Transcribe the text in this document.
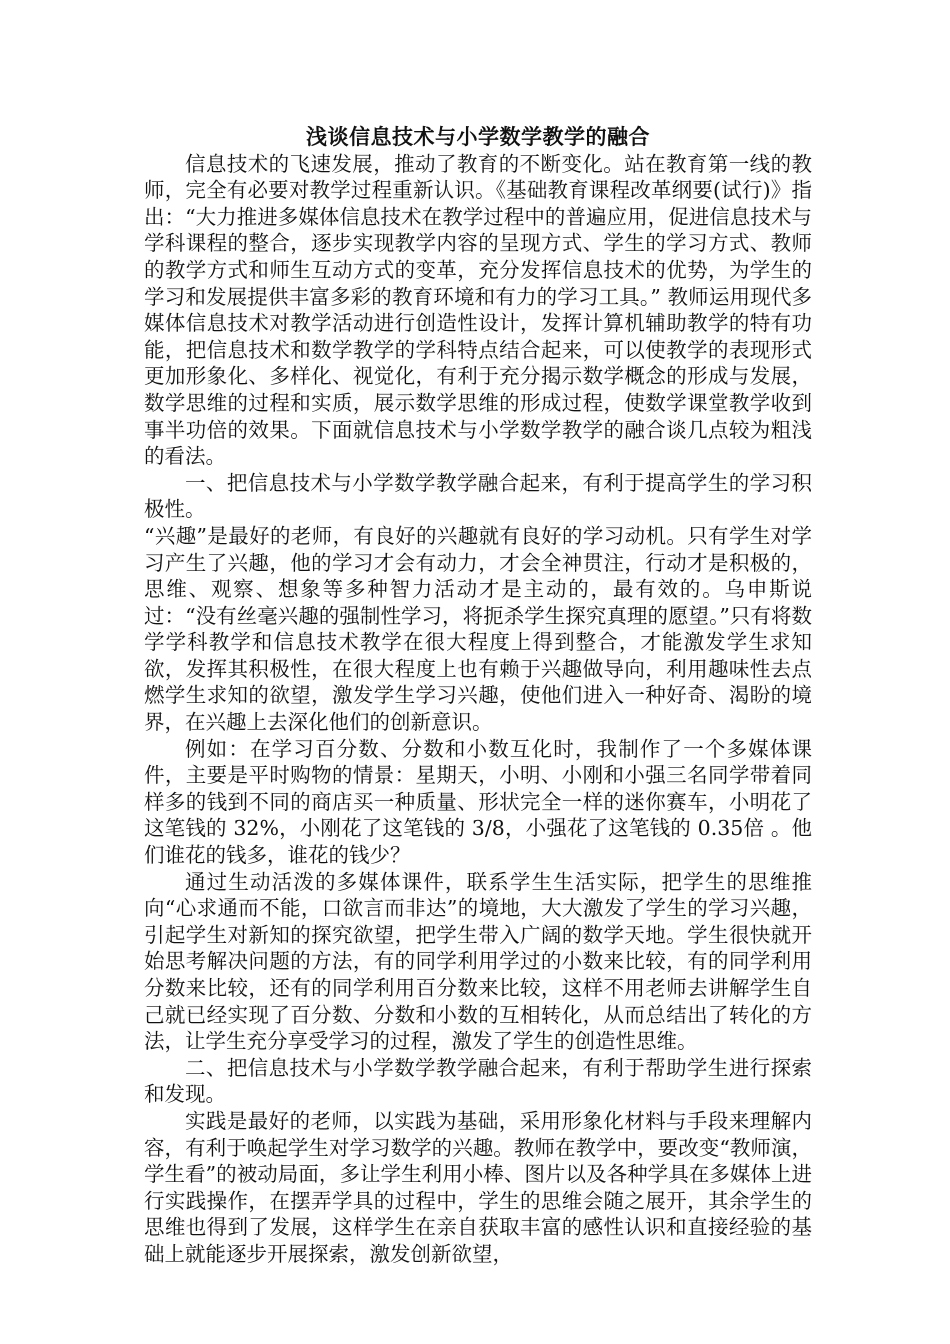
浅谈信息技术与小学数学教学的融合

信息技术的飞速发展，推动了教育的不断变化。站在教育第一线的教师，完全有必要对教学过程重新认识。《基础教育课程改革纲要(试行)》指出：“大力推进多媒体信息技术在教学过程中的普遍应用，促进信息技术与学科课程的整合，逐步实现教学内容的呈现方式、学生的学习方式、教师的教学方式和师生互动方式的变革，充分发挥信息技术的优势，为学生的学习和发展提供丰富多彩的教育环境和有力的学习工具。” 教师运用现代多媒体信息技术对教学活动进行创造性设计，发挥计算机辅助教学的特有功能，把信息技术和数学教学的学科特点结合起来，可以使教学的表现形式更加形象化、多样化、视觉化，有利于充分揭示数学概念的形成与发展，数学思维的过程和实质，展示数学思维的形成过程，使数学课堂教学收到事半功倍的效果。下面就信息技术与小学数学教学的融合谈几点较为粗浅的看法。

一、把信息技术与小学数学教学融合起来，有利于提高学生的学习积极性。

“兴趣”是最好的老师，有良好的兴趣就有良好的学习动机。只有学生对学习产生了兴趣，他的学习才会有动力，才会全神贯注，行动才是积极的，思维、观察、想象等多种智力活动才是主动的，最有效的。乌申斯说过：“没有丝毫兴趣的强制性学习，将扼杀学生探究真理的愿望。”只有将数学学科教学和信息技术教学在很大程度上得到整合，才能激发学生求知欲，发挥其积极性，在很大程度上也有赖于兴趣做导向，利用趣味性去点燃学生求知的欲望，激发学生学习兴趣，使他们进入一种好奇、渴盼的境界，在兴趣上去深化他们的创新意识。

例如：在学习百分数、分数和小数互化时，我制作了一个多媒体课件，主要是平时购物的情景：星期天，小明、小刚和小强三名同学带着同样多的钱到不同的商店买一种质量、形状完全一样的迷你赛车，小明花了这笔钱的 32%，小刚花了这笔钱的 3/8，小强花了这笔钱的 0.35倍 。他们谁花的钱多，谁花的钱少？

通过生动活泼的多媒体课件，联系学生生活实际，把学生的思维推向“心求通而不能，口欲言而非达”的境地，大大激发了学生的学习兴趣，引起学生对新知的探究欲望，把学生带入广阔的数学天地。学生很快就开始思考解决问题的方法，有的同学利用学过的小数来比较，有的同学利用分数来比较，还有的同学利用百分数来比较，这样不用老师去讲解学生自己就已经实现了百分数、分数和小数的互相转化，从而总结出了转化的方法，让学生充分享受学习的过程，激发了学生的创造性思维。

二、把信息技术与小学数学教学融合起来，有利于帮助学生进行探索和发现。

实践是最好的老师，以实践为基础，采用形象化材料与手段来理解内容，有利于唤起学生对学习数学的兴趣。教师在教学中，要改变“教师演，学生看”的被动局面，多让学生利用小棒、图片以及各种学具在多媒体上进行实践操作，在摆弄学具的过程中，学生的思维会随之展开，其余学生的思维也得到了发展，这样学生在亲自获取丰富的感性认识和直接经验的基础上就能逐步开展探索，激发创新欲望，
